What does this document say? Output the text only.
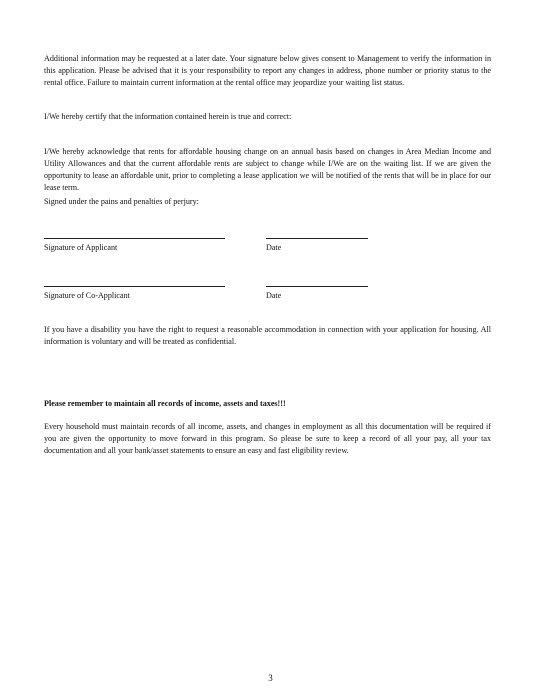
Additional information may be requested at a later date. Your signature below gives consent to Management to verify the information in this application. Please be advised that it is your responsibility to report any changes in address, phone number or priority status to the rental office. Failure to maintain current information at the rental office may jeopardize your waiting list status.

I/We hereby certify that the information contained herein is true and correct:

I/We hereby acknowledge that rents for affordable housing change on an annual basis based on changes in Area Median Income and Utility Allowances and that the current affordable rents are subject to change while I/We are on the waiting list. If we are given the opportunity to lease an affordable unit, prior to completing a lease application we will be notified of the rents that will be in place for our lease term.

Signed under the pains and penalties of perjury:

Signature of Applicant	Date
Signature of Co-Applicant	Date

If you have a disability you have the right to request a reasonable accommodation in connection with your application for housing. All information is voluntary and will be treated as confidential.

Please remember to maintain all records of income, assets and taxes!!!

Every household must maintain records of all income, assets, and changes in employment as all this documentation will be required if you are given the opportunity to move forward in this program. So please be sure to keep a record of all your pay, all your tax documentation and all your bank/asset statements to ensure an easy and fast eligibility review.

3
